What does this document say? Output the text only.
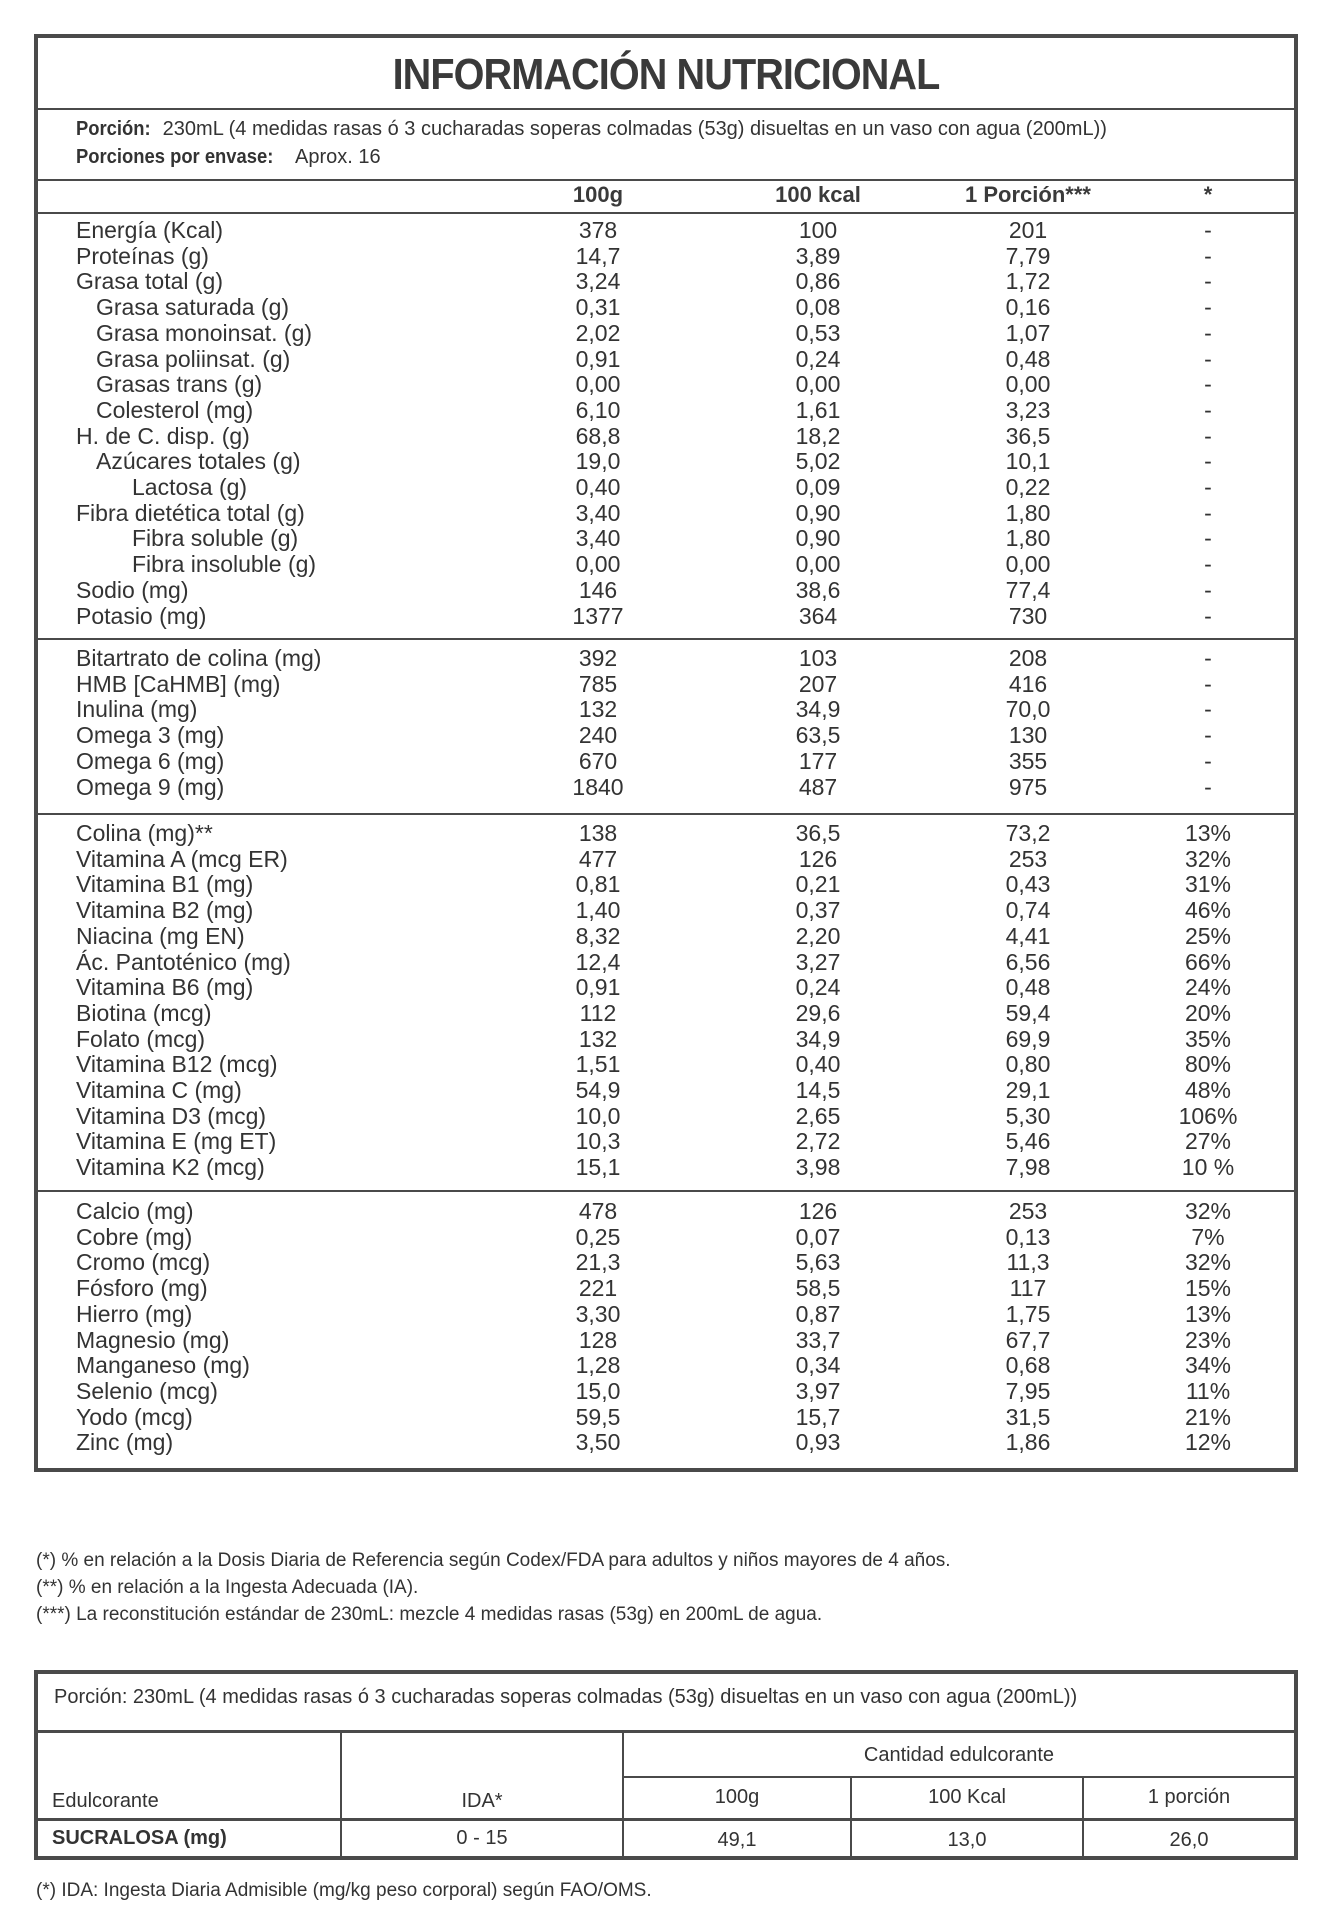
INFORMACIÓN NUTRICIONAL
Porción: 230mL (4 medidas rasas ó 3 cucharadas soperas colmadas (53g) disueltas en un vaso con agua (200mL))
Porciones por envase: Aprox. 16
100g	100 kcal	1 Porción***	*
Energía (Kcal)	378	100	201	-
Proteínas (g)	14,7	3,89	7,79	-
Grasa total (g)	3,24	0,86	1,72	-
Grasa saturada (g)	0,31	0,08	0,16	-
Grasa monoinsat. (g)	2,02	0,53	1,07	-
Grasa poliinsat. (g)	0,91	0,24	0,48	-
Grasas trans (g)	0,00	0,00	0,00	-
Colesterol (mg)	6,10	1,61	3,23	-
H. de C. disp. (g)	68,8	18,2	36,5	-
Azúcares totales (g)	19,0	5,02	10,1	-
Lactosa (g)	0,40	0,09	0,22	-
Fibra dietética total (g)	3,40	0,90	1,80	-
Fibra soluble (g)	3,40	0,90	1,80	-
Fibra insoluble (g)	0,00	0,00	0,00	-
Sodio (mg)	146	38,6	77,4	-
Potasio (mg)	1377	364	730	-
Bitartrato de colina (mg)	392	103	208	-
HMB [CaHMB] (mg)	785	207	416	-
Inulina (mg)	132	34,9	70,0	-
Omega 3 (mg)	240	63,5	130	-
Omega 6 (mg)	670	177	355	-
Omega 9 (mg)	1840	487	975	-
Colina (mg)**	138	36,5	73,2	13%
Vitamina A (mcg ER)	477	126	253	32%
Vitamina B1 (mg)	0,81	0,21	0,43	31%
Vitamina B2 (mg)	1,40	0,37	0,74	46%
Niacina (mg EN)	8,32	2,20	4,41	25%
Ác. Pantoténico (mg)	12,4	3,27	6,56	66%
Vitamina B6 (mg)	0,91	0,24	0,48	24%
Biotina (mcg)	112	29,6	59,4	20%
Folato (mcg)	132	34,9	69,9	35%
Vitamina B12 (mcg)	1,51	0,40	0,80	80%
Vitamina C (mg)	54,9	14,5	29,1	48%
Vitamina D3 (mcg)	10,0	2,65	5,30	106%
Vitamina E (mg ET)	10,3	2,72	5,46	27%
Vitamina K2 (mcg)	15,1	3,98	7,98	10 %
Calcio (mg)	478	126	253	32%
Cobre (mg)	0,25	0,07	0,13	7%
Cromo (mcg)	21,3	5,63	11,3	32%
Fósforo (mg)	221	58,5	117	15%
Hierro (mg)	3,30	0,87	1,75	13%
Magnesio (mg)	128	33,7	67,7	23%
Manganeso (mg)	1,28	0,34	0,68	34%
Selenio (mcg)	15,0	3,97	7,95	11%
Yodo (mcg)	59,5	15,7	31,5	21%
Zinc (mg)	3,50	0,93	1,86	12%
(*) % en relación a la Dosis Diaria de Referencia según Codex/FDA para adultos y niños mayores de 4 años.
(**) % en relación a la Ingesta Adecuada (IA).
(***) La reconstitución estándar de 230mL: mezcle 4 medidas rasas (53g) en 200mL de agua.
Porción: 230mL (4 medidas rasas ó 3 cucharadas soperas colmadas (53g) disueltas en un vaso con agua (200mL))
Edulcorante	IDA*
Cantidad edulcorante
100g	100 Kcal	1 porción
SUCRALOSA (mg)	0 - 15	49,1	13,0	26,0
(*) IDA: Ingesta Diaria Admisible (mg/kg peso corporal) según FAO/OMS.
